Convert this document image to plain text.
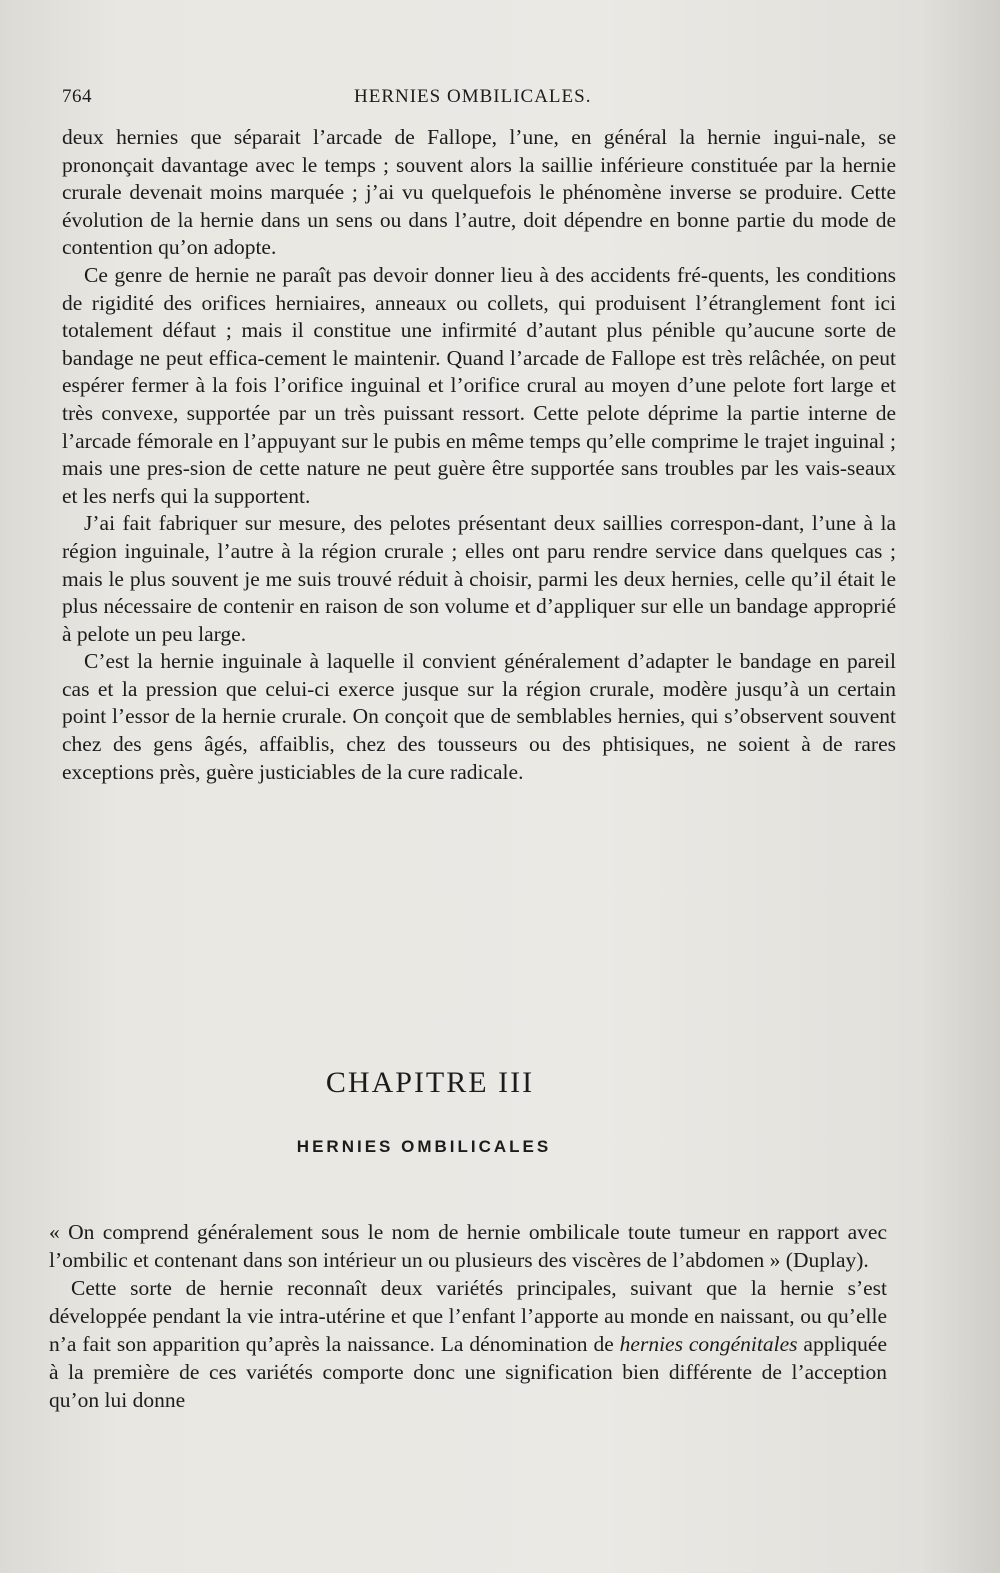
764	HERNIES OMBILICALES.

deux hernies que séparait l’arcade de Fallope, l’une, en général la hernie ingui-nale, se prononçait davantage avec le temps ; souvent alors la saillie inférieure constituée par la hernie crurale devenait moins marquée ; j’ai vu quelquefois le phénomène inverse se produire. Cette évolution de la hernie dans un sens ou dans l’autre, doit dépendre en bonne partie du mode de contention qu’on adopte.

Ce genre de hernie ne paraît pas devoir donner lieu à des accidents fré-quents, les conditions de rigidité des orifices herniaires, anneaux ou collets, qui produisent l’étranglement font ici totalement défaut ; mais il constitue une infirmité d’autant plus pénible qu’aucune sorte de bandage ne peut effica-cement le maintenir. Quand l’arcade de Fallope est très relâchée, on peut espérer fermer à la fois l’orifice inguinal et l’orifice crural au moyen d’une pelote fort large et très convexe, supportée par un très puissant ressort. Cette pelote déprime la partie interne de l’arcade fémorale en l’appuyant sur le pubis en même temps qu’elle comprime le trajet inguinal ; mais une pres-sion de cette nature ne peut guère être supportée sans troubles par les vais-seaux et les nerfs qui la supportent.

J’ai fait fabriquer sur mesure, des pelotes présentant deux saillies correspon-dant, l’une à la région inguinale, l’autre à la région crurale ; elles ont paru rendre service dans quelques cas ; mais le plus souvent je me suis trouvé réduit à choisir, parmi les deux hernies, celle qu’il était le plus nécessaire de contenir en raison de son volume et d’appliquer sur elle un bandage approprié à pelote un peu large.

C’est la hernie inguinale à laquelle il convient généralement d’adapter le bandage en pareil cas et la pression que celui-ci exerce jusque sur la région crurale, modère jusqu’à un certain point l’essor de la hernie crurale. On conçoit que de semblables hernies, qui s’observent souvent chez des gens âgés, affaiblis, chez des tousseurs ou des phtisiques, ne soient à de rares exceptions près, guère justiciables de la cure radicale.

CHAPITRE III
HERNIES OMBILICALES

« On comprend généralement sous le nom de hernie ombilicale toute tumeur en rapport avec l’ombilic et contenant dans son intérieur un ou plusieurs des viscères de l’abdomen » (Duplay).

Cette sorte de hernie reconnaît deux variétés principales, suivant que la hernie s’est développée pendant la vie intra-utérine et que l’enfant l’apporte au monde en naissant, ou qu’elle n’a fait son apparition qu’après la naissance. La dénomination de hernies congénitales appliquée à la première de ces variétés comporte donc une signification bien différente de l’acception qu’on lui donne
